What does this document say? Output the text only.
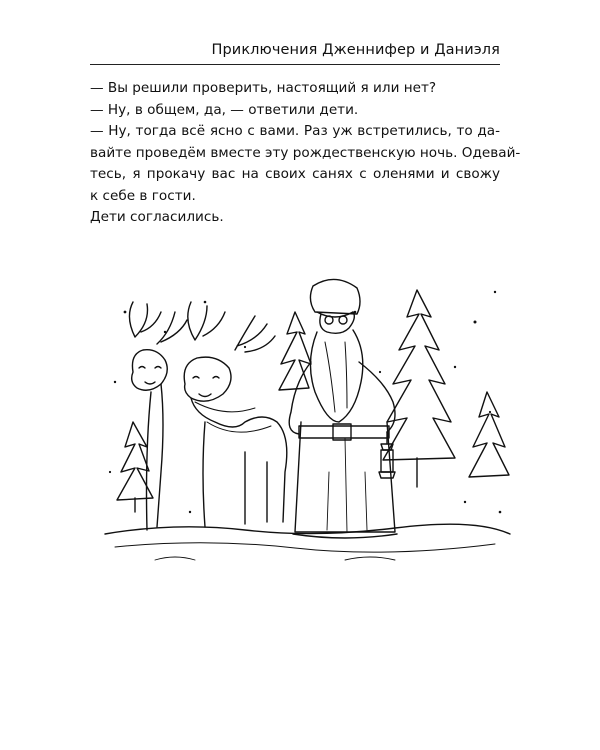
Приключения Дженнифер и Даниэля
— Вы решили проверить, настоящий я или нет?
— Ну, в общем, да, — ответили дети.
— Ну, тогда всё ясно с вами. Раз уж встретились, то да-
вайте проведём вместе эту рождественскую ночь. Одевай-
тесь, я прокачу вас на своих санях с оленями и свожу
к себе в гости.
Дети согласились.
